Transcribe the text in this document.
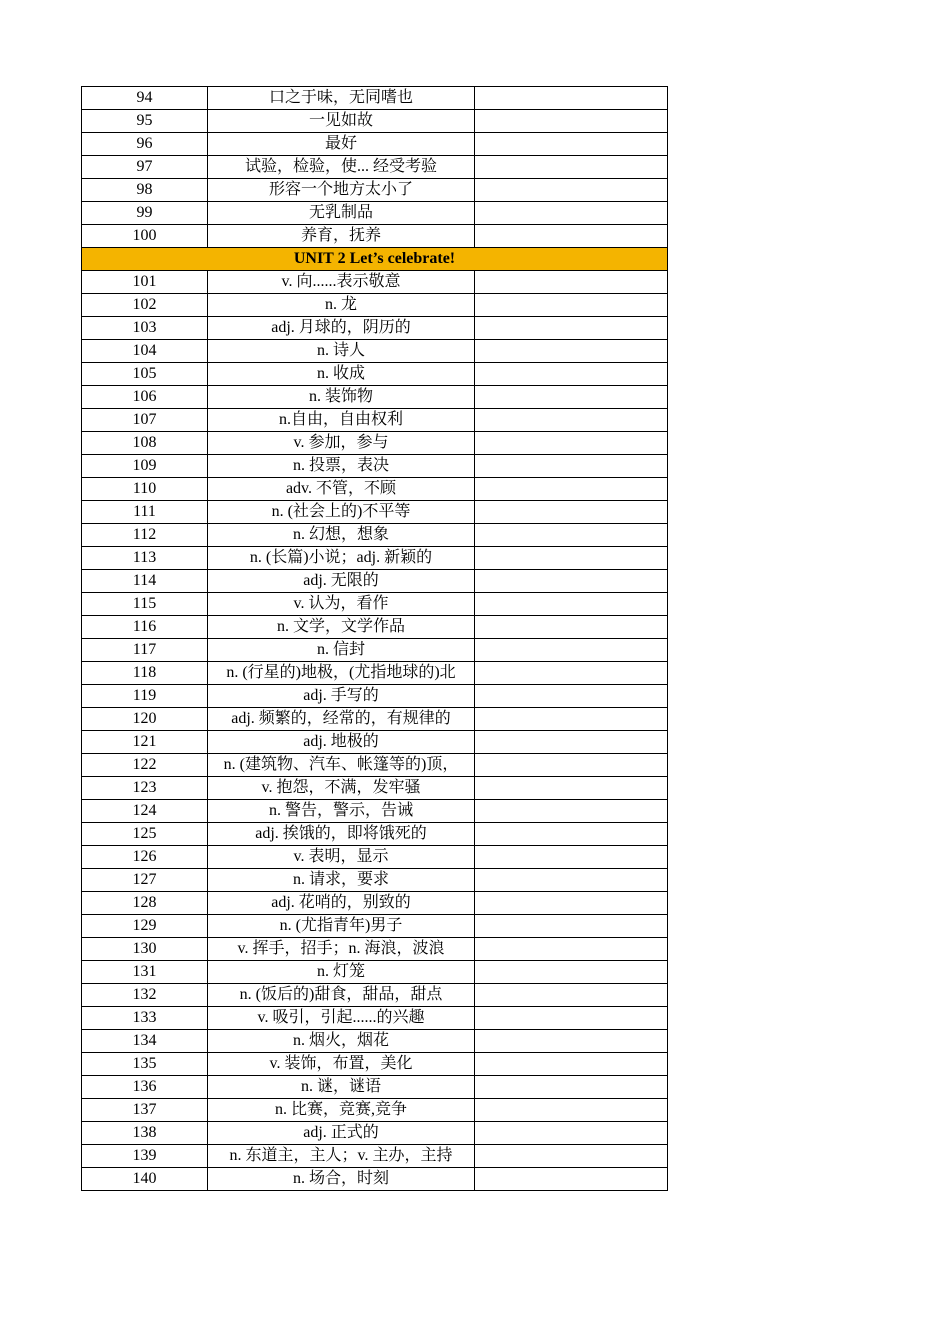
94	口之于味，无同嗜也	
95	一见如故	
96	最好	
97	试验，检验，使... 经受考验	
98	形容一个地方太小了	
99	无乳制品	
100	养育，抚养	
UNIT 2 Let’s celebrate!		
101	v. 向......表示敬意	
102	n. 龙	
103	adj. 月球的，阴历的	
104	n. 诗人	
105	n. 收成	
106	n. 装饰物	
107	n.自由，自由权利	
108	v. 参加，参与	
109	n. 投票，表决	
110	adv. 不管，不顾	
111	n. (社会上的)不平等	
112	n. 幻想，想象	
113	n. (长篇)小说；adj. 新颖的	
114	adj. 无限的	
115	v. 认为，看作	
116	n. 文学，文学作品	
117	n. 信封	
118	n. (行星的)地极，(尤指地球的)北	
119	adj. 手写的	
120	adj. 频繁的，经常的，有规律的	
121	adj. 地极的	
122	n. (建筑物、汽车、帐篷等的)顶，	
123	v. 抱怨，不满，发牢骚	
124	n. 警告，警示，告诫	
125	adj. 挨饿的，即将饿死的	
126	v. 表明，显示	
127	n. 请求，要求	
128	adj. 花哨的，别致的	
129	n. (尤指青年)男子	
130	v. 挥手，招手；n. 海浪，波浪	
131	n. 灯笼	
132	n. (饭后的)甜食，甜品，甜点	
133	v. 吸引，引起......的兴趣	
134	n. 烟火，烟花	
135	v. 装饰，布置，美化	
136	n. 谜，谜语	
137	n. 比赛，竞赛,竞争	
138	adj. 正式的	
139	n. 东道主，主人；v. 主办，主持	
140	n. 场合，时刻	
